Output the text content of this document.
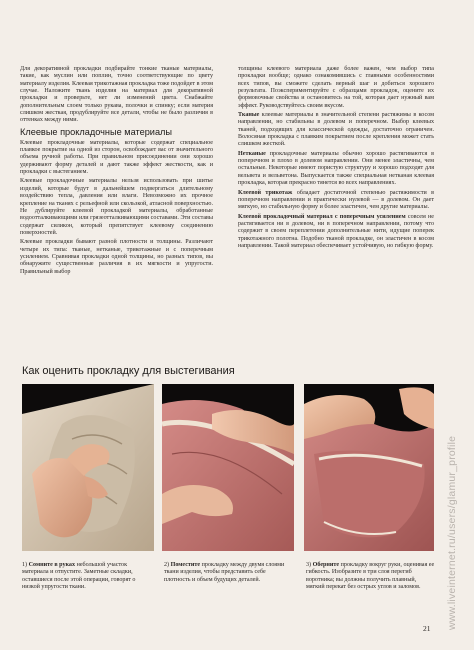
Для декоративной прокладки подбирайте тонкие тканые материалы, такие, как муслин или поплин, точно соответствующие по цвету материалу изделия. Клеевая трикотажная прокладка тоже подойдет в этом случае. Наложите ткань изделия на материал для декоративной прокладки и проверьте, нет ли изменений цвета. Снабжайте дополнительным слоем только рукава, полочки и спинку; если материя слишком жесткая, продублируйте все детали, чтобы не было различия в оттенках между ними.

Клеевые прокладочные материалы

Клеевые прокладочные материалы, которые содержат специальное плавкое покрытие на одной из сторон, освобождает вас от значительного объема ручной работы. При правильном присоединении они хорошо удерживают форму деталей и дают также эффект жесткости, как и прокладки с выстеганием.

Клеевые прокладочные материалы нельзя использовать при шитье изделий, которые будут в дальнейшем подвергаться длительному воздействию тепла, давления или влаги. Невозможно их прочное крепление на тканях с рельефной или скользкой, атласной поверхностью. Не дублируйте клеевой прокладкой материалы, обработанные водоотталкивающими или грязеотталкивающими составами. Эти составы содержат силикон, который препятствует клеевому соединению поверхностей.

Клеевые прокладки бывают разной плотности и толщины. Различают четыре их типа: тканые, нетканые, трикотажные и с поперечным усилением. Сравнивая прокладки одной толщины, но разных типов, вы обнаружите существенные различия в их мягкости и упругости. Правильный выбор

толщины клеевого материала даже более важен, чем выбор типа прокладки вообще; однако ознакомившись с главными особенностями всех типов, вы сможете сделать верный шаг и добиться хорошего результата. Поэкспериментируйте с образцами прокладок, оцените их формовочные свойства и остановитесь на той, которая дает нужный вам эффект. Руководствуйтесь своим вкусом.

Тканые клеевые материалы в значительной степени растяжимы в косом направлении, но стабильны в долевом и поперечном. Выбор клеевых тканей, подходящих для классической одежды, достаточно ограничен. Волосяная прокладка с плавким покрытием после крепления может стать слишком жесткой.

Нетканые прокладочные материалы обычно хорошо растягиваются в поперечном и плохо в долевом направлении. Они менее эластичны, чем остальные. Некоторые имеют пористую структуру и хорошо подходят для вельвета и вельветона. Выпускается также специальная нетканая клеевая прокладка, которая прекрасно тянется во всех направлениях.

Клеевой трикотаж обладает достаточной степенью растяжимости в поперечном направлении и практически нулевой — в долевом. Он дает мягкую, но стабильную форму и более эластичен, чем другие материалы.

Клеевой прокладочный материал с поперечным усилением совсем не растягивается ни в долевом, ни в поперечном направлении, потому что содержит в своем переплетении дополнительные нити, идущие поперек трикотажного полотна. Подобно тканой прокладке, он эластичен в косом направлении. Такой материал обеспечивает устойчивую, но гибкую форму.

Как оценить прокладку для выстегивания
1) Сомните в руках небольшой участок материала и отпустите. Заметные складки, оставшиеся после этой операции, говорят о низкой упругости ткани.
2) Поместите прокладку между двумя слоями ткани изделия, чтобы представить себе плотность и объем будущих деталей.
3) Оберните прокладку вокруг руки, оценивая ее гибкость. Изобразите в три слоя перегиб воротника; вы должны получить плавный, мягкий перекат без острых углов и заломов.	www.liveinternet.ru/users/glamur_profile
21
